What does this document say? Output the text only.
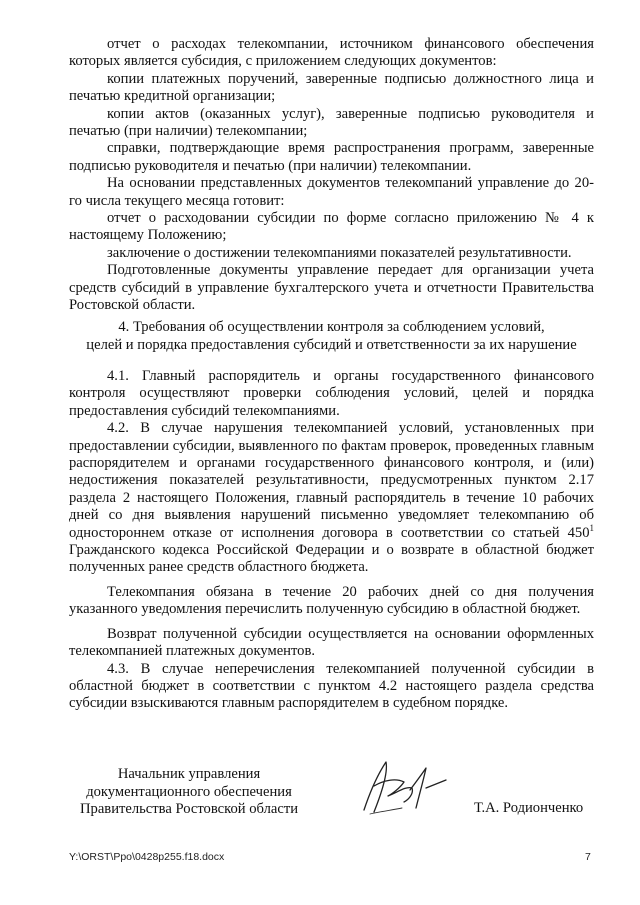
отчет о расходах телекомпании, источником финансового обеспечения которых является субсидия, с приложением следующих документов:

копии платежных поручений, заверенные подписью должностного лица и печатью кредитной организации;

копии актов (оказанных услуг), заверенные подписью руководителя и печатью (при наличии) телекомпании;

справки, подтверждающие время распространения программ, заверенные подписью руководителя и печатью (при наличии) телекомпании.

На основании представленных документов телекомпаний управление до 20-го числа текущего месяца готовит:

отчет о расходовании субсидии по форме согласно приложению № 4 к настоящему Положению;

заключение о достижении телекомпаниями показателей результативности.

Подготовленные документы управление передает для организации учета средств субсидий в управление бухгалтерского учета и отчетности Правительства Ростовской области.

4. Требования об осуществлении контроля за соблюдением условий,
целей и порядка предоставления субсидий и ответственности за их нарушение

4.1. Главный распорядитель и органы государственного финансового контроля осуществляют проверки соблюдения условий, целей и порядка предоставления субсидий телекомпаниями.

4.2. В случае нарушения телекомпанией условий, установленных при предоставлении субсидии, выявленного по фактам проверок, проведенных главным распорядителем и органами государственного финансового контроля, и (или) недостижения показателей результативности, предусмотренных пунктом 2.17 раздела 2 настоящего Положения, главный распорядитель в течение 10 рабочих дней со дня выявления нарушений письменно уведомляет телекомпанию об одностороннем отказе от исполнения договора в соответствии со статьей $450^1$ Гражданского кодекса Российской Федерации и о возврате в областной бюджет полученных ранее средств областного бюджета.

Телекомпания обязана в течение 20 рабочих дней со дня получения указанного уведомления перечислить полученную субсидию в областной бюджет.

Возврат полученной субсидии осуществляется на основании оформленных телекомпанией платежных документов.

4.3. В случае неперечисления телекомпанией полученной субсидии в областной бюджет в соответствии с пунктом 4.2 настоящего раздела средства субсидии взыскиваются главным распорядителем в судебном порядке.

Начальник управления
документационного обеспечения
Правительства Ростовской области	Т.А. Родионченко
Y:\ORST\Ppo\0428p255.f18.docx	7
